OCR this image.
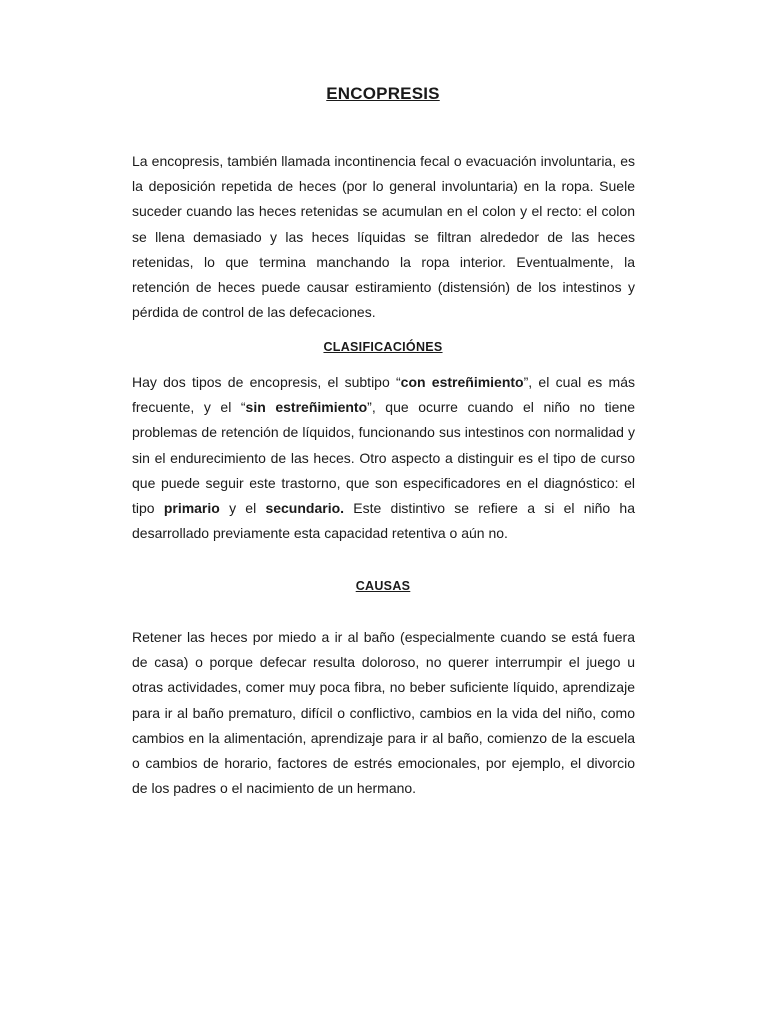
ENCOPRESIS

La encopresis, también llamada incontinencia fecal o evacuación involuntaria, es la deposición repetida de heces (por lo general involuntaria) en la ropa. Suele suceder cuando las heces retenidas se acumulan en el colon y el recto: el colon se llena demasiado y las heces líquidas se filtran alrededor de las heces retenidas, lo que termina manchando la ropa interior. Eventualmente, la retención de heces puede causar estiramiento (distensión) de los intestinos y pérdida de control de las defecaciones.

CLASIFICACIÓNES

Hay dos tipos de encopresis, el subtipo “con estreñimiento”, el cual es más frecuente, y el “sin estreñimiento”, que ocurre cuando el niño no tiene problemas de retención de líquidos, funcionando sus intestinos con normalidad y sin el endurecimiento de las heces. Otro aspecto a distinguir es el tipo de curso que puede seguir este trastorno, que son especificadores en el diagnóstico: el tipo primario y el secundario. Este distintivo se refiere a si el niño ha desarrollado previamente esta capacidad retentiva o aún no.

CAUSAS

Retener las heces por miedo a ir al baño (especialmente cuando se está fuera de casa) o porque defecar resulta doloroso, no querer interrumpir el juego u otras actividades, comer muy poca fibra, no beber suficiente líquido, aprendizaje para ir al baño prematuro, difícil o conflictivo, cambios en la vida del niño, como cambios en la alimentación, aprendizaje para ir al baño, comienzo de la escuela o cambios de horario, factores de estrés emocionales, por ejemplo, el divorcio de los padres o el nacimiento de un hermano.
